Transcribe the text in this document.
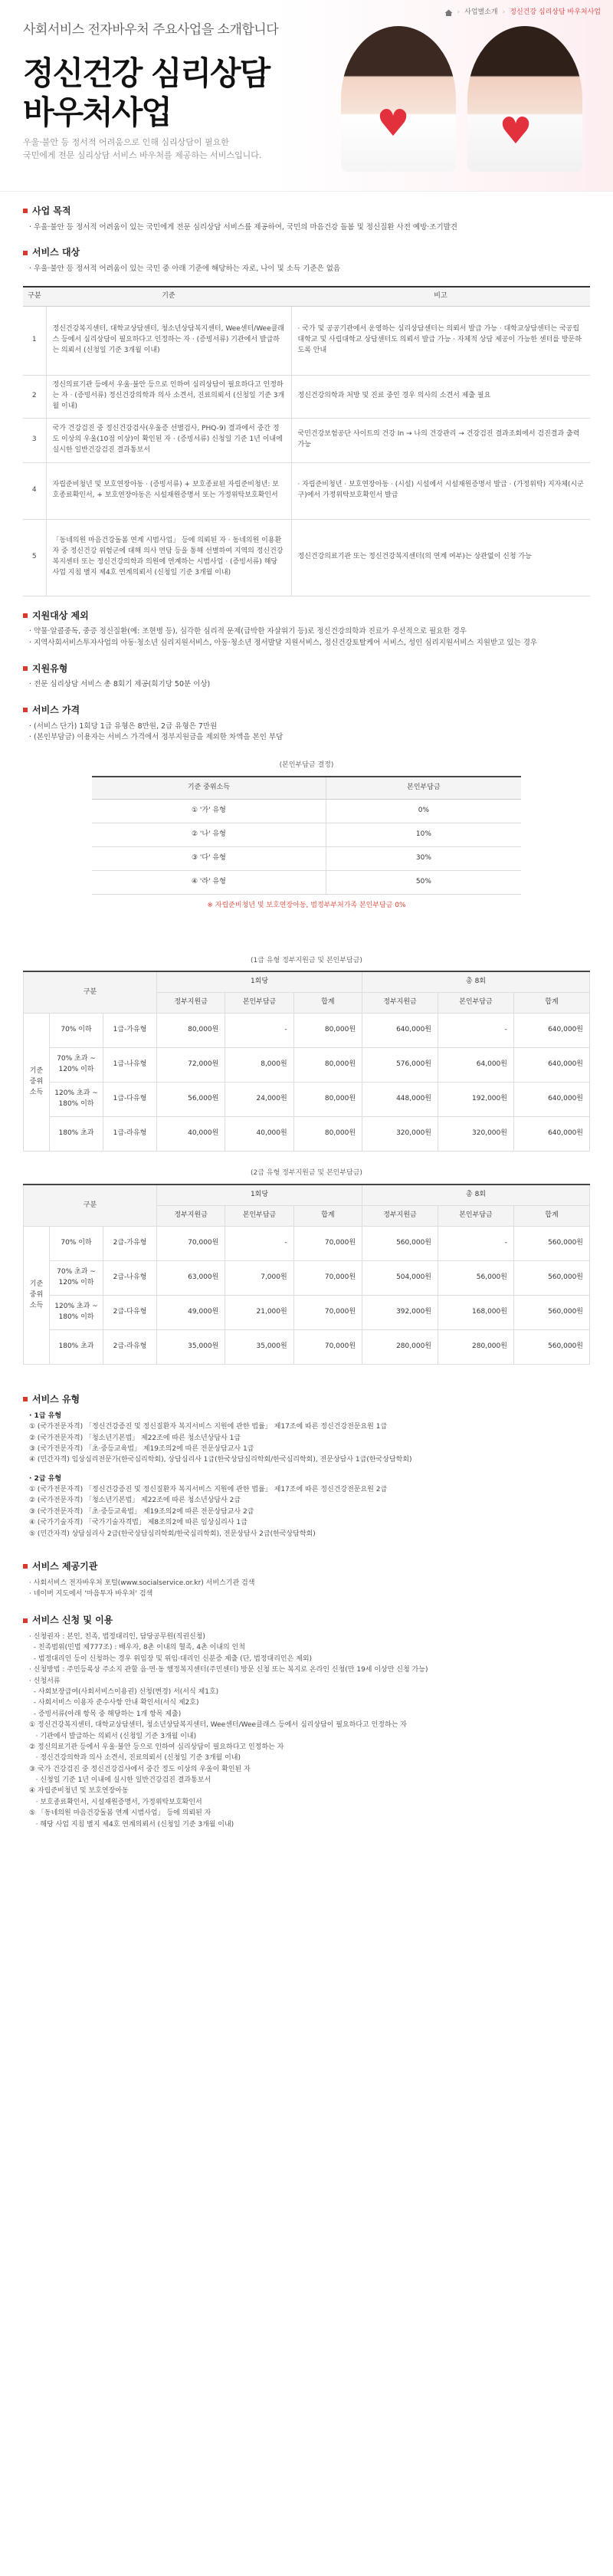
› 사업별소개 › 정신건강 심리상담 바우처사업
사회서비스 전자바우처 주요사업을 소개합니다
정신건강 심리상담
바우처사업
우울·불안 등 정서적 어려움으로 인해 심리상담이 필요한
국민에게 전문 심리상담 서비스 바우처를 제공하는 서비스입니다.
♥ ♥
사업 목적
· 우울·불안 등 정서적 어려움이 있는 국민에게 전문 심리상담 서비스를 제공하여, 국민의 마음건강 돌봄 및 정신질환 사전 예방·조기발견
서비스 대상
· 우울·불안 등 정서적 어려움이 있는 국민 중 아래 기준에 해당하는 자로, 나이 및 소득 기준은 없음
구분	기준	비고
1	정신건강복지센터, 대학교상담센터, 청소년상담복지센터, Wee센터/Wee클래스 등에서 심리상담이 필요하다고 인정하는 자 · (증빙서류) 기관에서 발급하는 의뢰서 (신청일 기준 3개월 이내)	· 국가 및 공공기관에서 운영하는 심리상담센터는 의뢰서 발급 가능 · 대학교상담센터는 국공립대학교 및 사립대학교 상담센터도 의뢰서 발급 가능 · 자체적 상담 제공이 가능한 센터를 방문하도록 안내
2	정신의료기관 등에서 우울·불안 등으로 인하여 심리상담이 필요하다고 인정하는 자 · (증빙서류) 정신건강의학과 의사 소견서, 진료의뢰서 (신청일 기준 3개월 이내)	정신건강의학과 처방 및 진료 중인 경우 의사의 소견서 제출 필요
3	국가 건강검진 중 정신건강검사(우울증 선별검사, PHQ-9) 결과에서 중간 정도 이상의 우울(10점 이상)이 확인된 자 · (증빙서류) 신청일 기준 1년 이내에 실시한 일반건강검진 결과통보서	국민건강보험공단 사이트의 건강 In → 나의 건강관리 → 건강검진 결과조회에서 검진결과 출력 가능
4	자립준비청년 및 보호연장아동 · (증빙서류) + 보호종료된 자립준비청년: 보호종료확인서, + 보호연장아동은 시설재원증명서 또는 가정위탁보호확인서	· 자립준비청년 · 보호연장아동 · (시설) 시설에서 시설재원증명서 발급 · (가정위탁) 지자체(시군구)에서 가정위탁보호확인서 발급
5	「동네의원 마음건강돌봄 연계 시범사업」 등에 의뢰된 자 · 동네의원 이용환자 중 정신건강 위험군에 대해 의사 면담 등을 통해 선별하여 지역의 정신건강복지센터 또는 정신건강의학과 의원에 연계하는 시범사업 · (증빙서류) 해당 사업 지침 별지 제4호 연계의뢰서 (신청일 기준 3개월 이내)	정신건강의료기관 또는 정신건강복지센터(의 연계 여부)는 상관없이 신청 가능
지원대상 제외
· 약물·알콜중독, 중증 정신질환(예: 조현병 등), 심각한 심리적 문제(급박한 자살위기 등)로 정신건강의학과 진료가 우선적으로 필요한 경우
· 지역사회서비스투자사업의 아동·청소년 심리지원서비스, 아동·청소년 정서발달 지원서비스, 정신건강토탈케어 서비스, 성인 심리지원서비스 지원받고 있는 경우
지원유형
· 전문 심리상담 서비스 총 8회기 제공(회기당 50분 이상)
서비스 가격
· (서비스 단가) 1회당 1급 유형은 8만원, 2급 유형은 7만원
· (본인부담금) 이용자는 서비스 가격에서 정부지원금을 제외한 차액을 본인 부담
(본인부담금 결정)
기준 중위소득	본인부담금
① '가' 유형	0%
② '나' 유형	10%
③ '다' 유형	30%
④ '라' 유형	50%
※ 자립준비청년 및 보호연장아동, 범정부부처가족 본인부담금 0%
(1급 유형 정부지원금 및 본인부담금)
구분			1회당			총 8회		
			정부지원금	본인부담금	합계	정부지원금	본인부담금	합계
기준 중위 소득	70% 이하	1급-가유형	80,000원	-	80,000원	640,000원	-	640,000원
	70% 초과 ~ 120% 이하	1급-나유형	72,000원	8,000원	80,000원	576,000원	64,000원	640,000원
	120% 초과 ~ 180% 이하	1급-다유형	56,000원	24,000원	80,000원	448,000원	192,000원	640,000원
	180% 초과	1급-라유형	40,000원	40,000원	80,000원	320,000원	320,000원	640,000원
(2급 유형 정부지원금 및 본인부담금)
구분			1회당			총 8회		
			정부지원금	본인부담금	합계	정부지원금	본인부담금	합계
기준 중위 소득	70% 이하	2급-가유형	70,000원	-	70,000원	560,000원	-	560,000원
	70% 초과 ~ 120% 이하	2급-나유형	63,000원	7,000원	70,000원	504,000원	56,000원	560,000원
	120% 초과 ~ 180% 이하	2급-다유형	49,000원	21,000원	70,000원	392,000원	168,000원	560,000원
	180% 초과	2급-라유형	35,000원	35,000원	70,000원	280,000원	280,000원	560,000원
서비스 유형

· 1급 유형

① (국가전문자격) 「정신건강증진 및 정신질환자 복지서비스 지원에 관한 법률」 제17조에 따른 정신건강전문요원 1급

② (국가전문자격) 「청소년기본법」 제22조에 따른 청소년상담사 1급

③ (국가전문자격) 「초·중등교육법」 제19조의2에 따른 전문상담교사 1급

④ (민간자격) 임상심리전문가(한국심리학회), 상담심리사 1급(한국상담심리학회/한국심리학회), 전문상담사 1급(한국상담학회)

· 2급 유형

① (국가전문자격) 「정신건강증진 및 정신질환자 복지서비스 지원에 관한 법률」 제17조에 따른 정신건강전문요원 2급

② (국가전문자격) 「청소년기본법」 제22조에 따른 청소년상담사 2급

③ (국가전문자격) 「초·중등교육법」 제19조의2에 따른 전문상담교사 2급

④ (국가기술자격) 「국가기술자격법」 제8조의2에 따른 임상심리사 1급

⑤ (민간자격) 상담심리사 2급(한국상담심리학회/한국심리학회), 전문상담사 2급(한국상담학회)

서비스 제공기관

· 사회서비스 전자바우처 포털(www.socialservice.or.kr) 서비스기관 검색

· 네이버 지도에서 '마음투자 바우처' 검색

서비스 신청 및 이용

· 신청권자 : 본인, 친족, 법정대리인, 담당공무원(직권신청)

- 친족범위(민법 제777조) : 배우자, 8촌 이내의 혈족, 4촌 이내의 인척

- 법정대리인 등이 신청하는 경우 위임장 및 위임·대리인 신분증 제출 (단, 법정대리인은 제외)

· 신청방법 : 주민등록상 주소지 관할 읍·면·동 행정복지센터(주민센터) 방문 신청 또는 복지로 온라인 신청(만 19세 이상만 신청 가능)

· 신청서류

- 사회보장급여(사회서비스이용권) 신청(변경) 서(서식 제1호)

- 사회서비스 이용자 준수사항 안내 확인서(서식 제2호)

- 증빙서류(아래 항목 중 해당하는 1개 항목 제출)

① 정신건강복지센터, 대학교상담센터, 청소년상담복지센터, Wee센터/Wee클래스 등에서 심리상담이 필요하다고 인정하는 자

· 기관에서 발급하는 의뢰서 (신청일 기준 3개월 이내)

② 정신의료기관 등에서 우울·불안 등으로 인하여 심리상담이 필요하다고 인정하는 자

· 정신건강의학과 의사 소견서, 진료의뢰서 (신청일 기준 3개월 이내)

③ 국가 건강검진 중 정신건강검사에서 중간 정도 이상의 우울이 확인된 자

· 신청일 기준 1년 이내에 실시한 일반건강검진 결과통보서

④ 자립준비청년 및 보호연장아동

· 보호종료확인서, 시설재원증명서, 가정위탁보호확인서

⑤ 「동네의원 마음건강돌봄 연계 시범사업」 등에 의뢰된 자

· 해당 사업 지침 별지 제4호 연계의뢰서 (신청일 기준 3개월 이내)
